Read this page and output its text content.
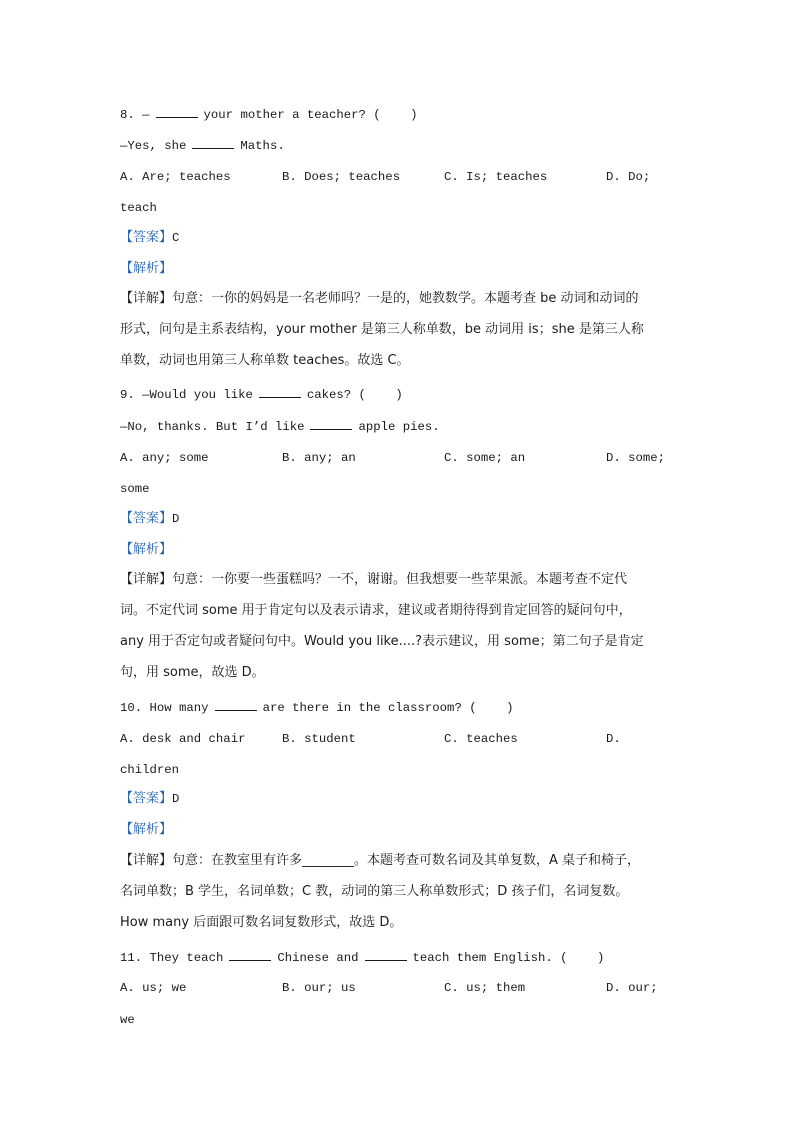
8. —	your mother a teacher? (    )
—Yes, she	Maths.
A. Are; teaches	B. Does; teaches	C. Is; teaches	D. Do;
teach
【答案】C
【解析】
【详解】句意：一你的妈妈是一名老师吗？一是的，她教数学。本题考查 be 动词和动词的
形式，问句是主系表结构，your mother 是第三人称单数，be 动词用 is；she 是第三人称
单数，动词也用第三人称单数 teaches。故选 C。
9. —Would you like	cakes? (    )
—No, thanks. But I’d like	apple pies.
A. any; some	B. any; an	C. some; an	D. some;
some
【答案】D
【解析】
【详解】句意：一你要一些蛋糕吗？一不，谢谢。但我想要一些苹果派。本题考查不定代
词。不定代词 some 用于肯定句以及表示请求，建议或者期待得到肯定回答的疑问句中，
any 用于否定句或者疑问句中。Would you like....?表示建议，用 some；第二句子是肯定
句，用 some，故选 D。
10. How many	are there in the classroom? (    )
A. desk and chair	B. student	C. teaches	D.
children
【答案】D
【解析】
【详解】句意：在教室里有许多________。本题考查可数名词及其单复数，A 桌子和椅子，
名词单数；B 学生，名词单数；C 教，动词的第三人称单数形式；D 孩子们，名词复数。
How many 后面跟可数名词复数形式，故选 D。
11. They teach	Chinese and	teach them English. (    )
A. us; we	B. our; us	C. us; them	D. our;
we
